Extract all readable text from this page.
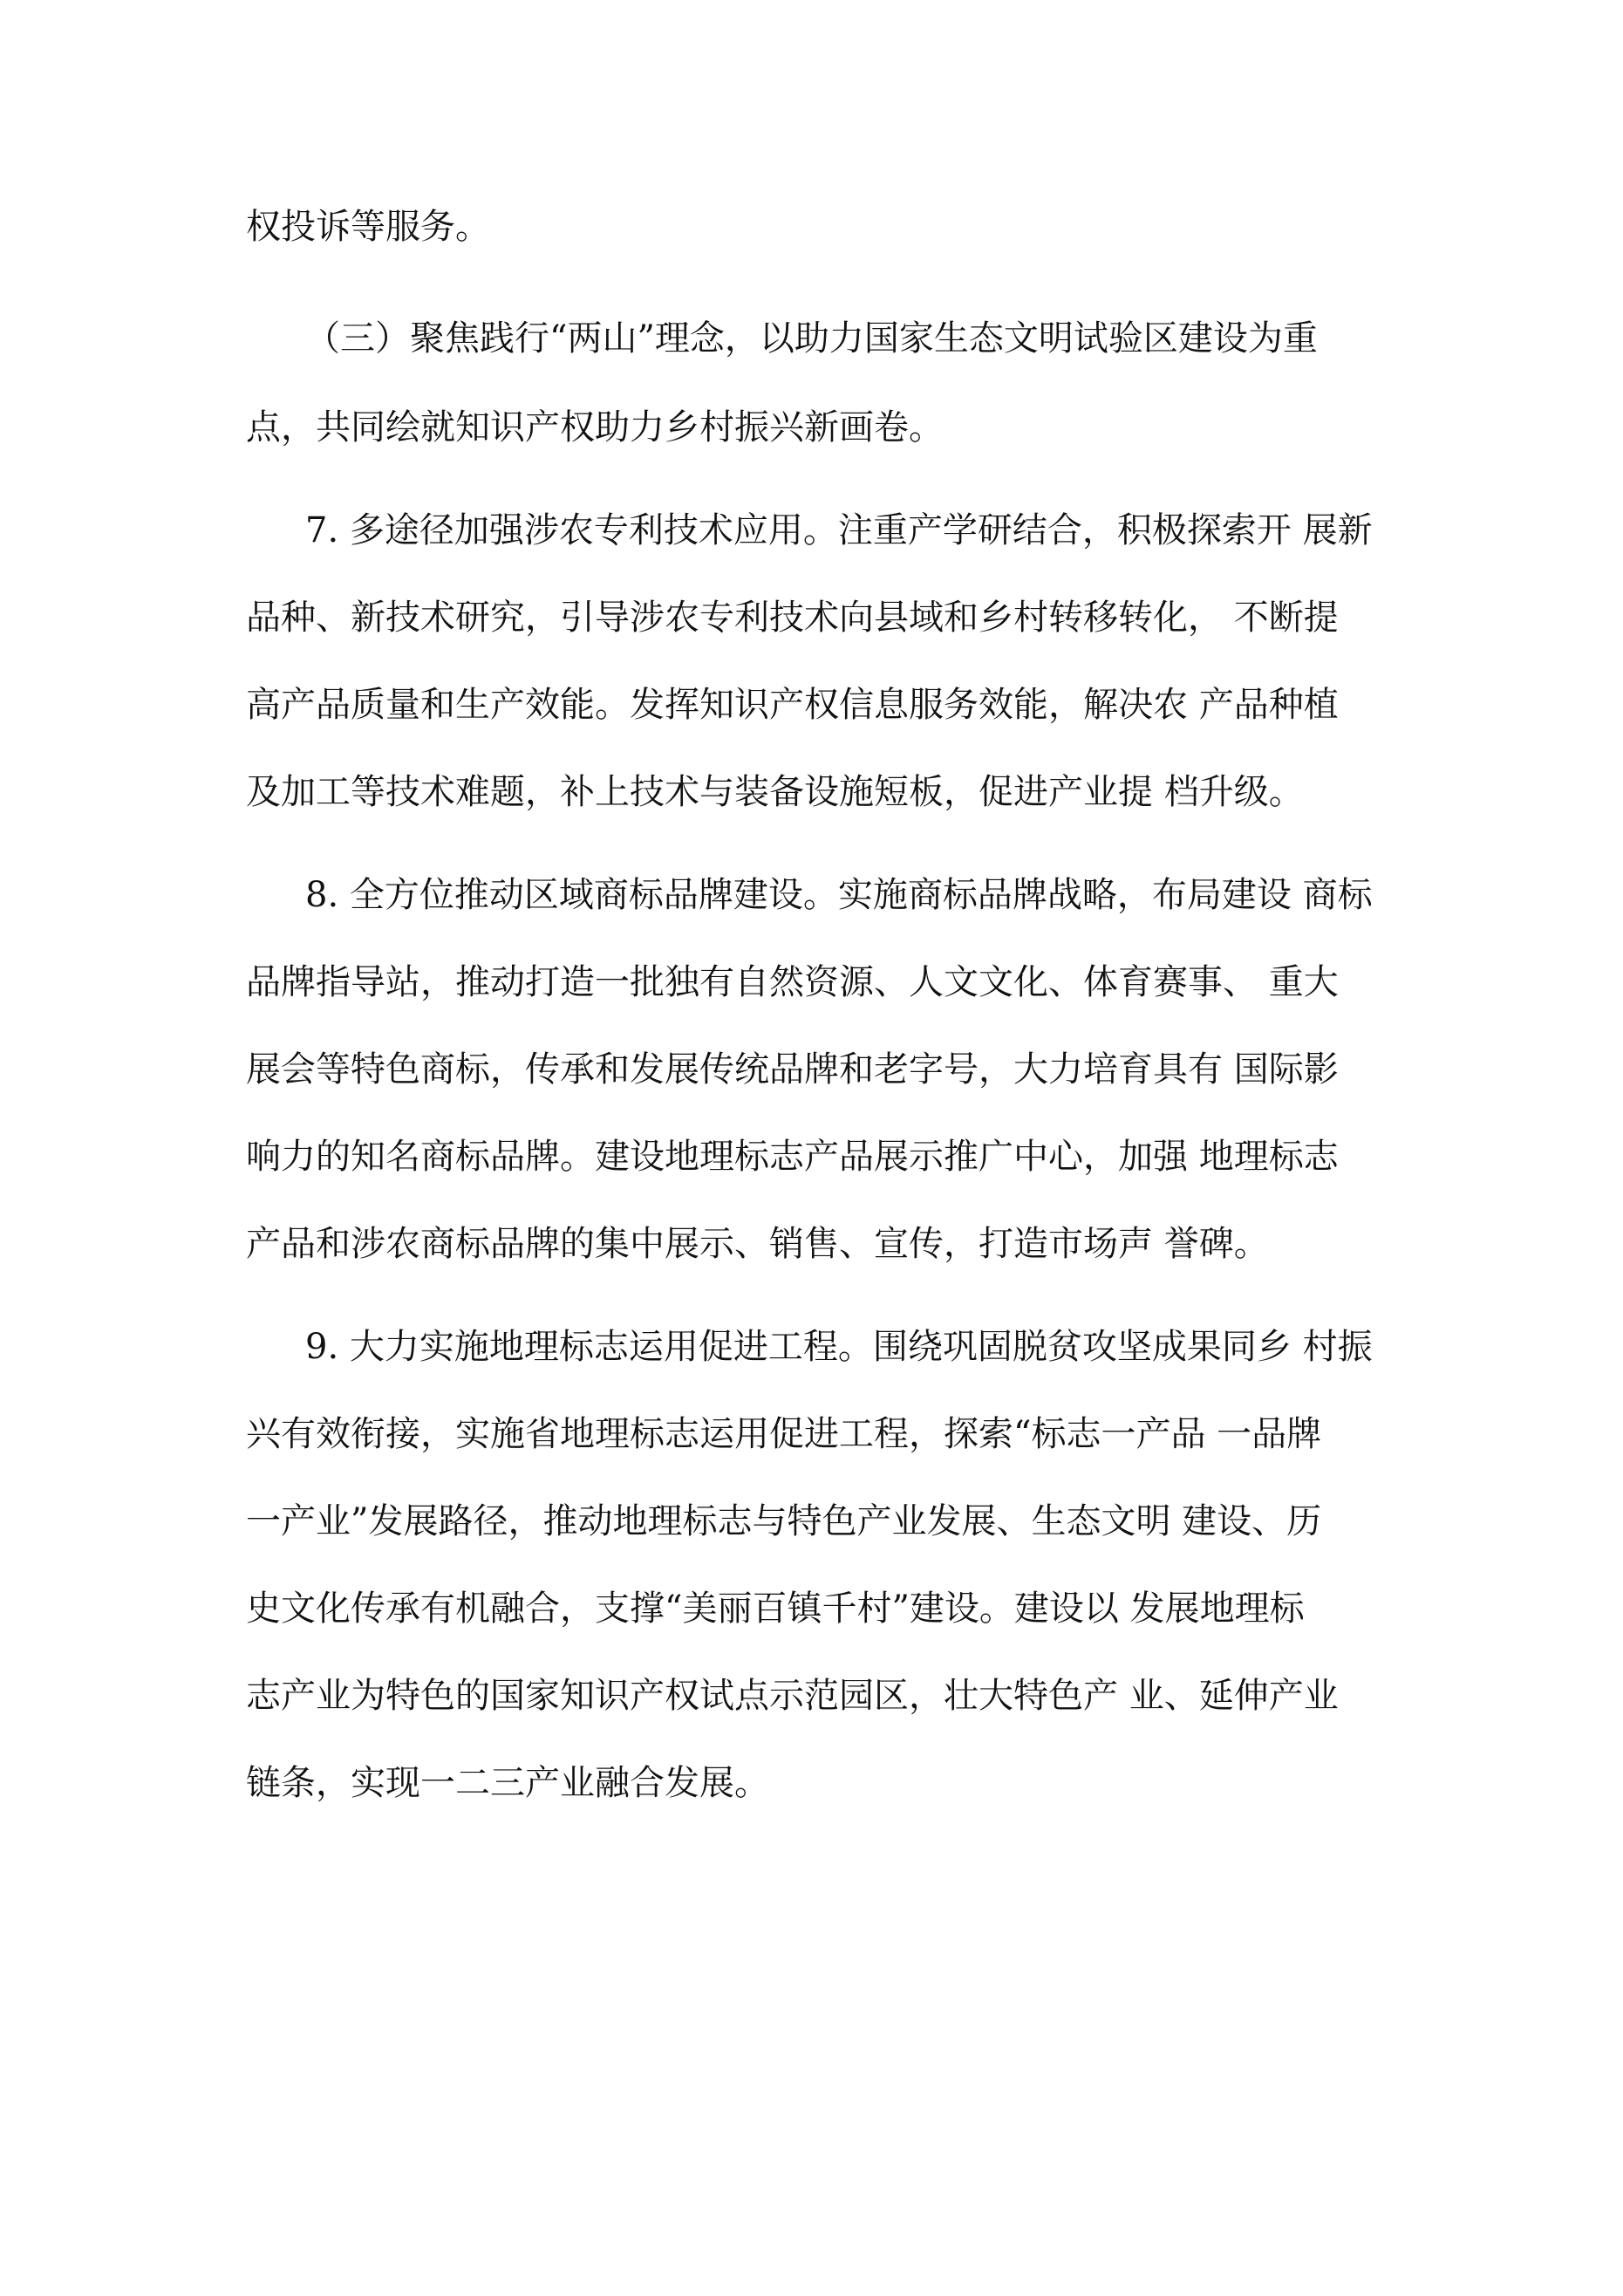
权投诉等服务。
（三）聚焦践行“两山”理念，以助力国家生态文明试验区建设为重
点，共同绘就知识产权助力乡村振兴新画卷。
7. 多途径加强涉农专利技术应用。注重产学研结合，积极探索开 展新
品种、新技术研究，引导涉农专利技术向县域和乡村转移转化， 不断提
高产品质量和生产效能。发挥知识产权信息服务效能，解决农 产品种植
及加工等技术难题，补上技术与装备设施短板，促进产业提 档升级。
8. 全方位推动区域商标品牌建设。实施商标品牌战略，布局建设 商标
品牌指导站，推动打造一批独有自然资源、人文文化、体育赛事、 重大
展会等特色商标，传承和发展传统品牌和老字号，大力培育具有 国际影
响力的知名商标品牌。建设地理标志产品展示推广中心，加强 地理标志
产品和涉农商标品牌的集中展示、销售、宣传，打造市场声 誉碑。
9. 大力实施地理标志运用促进工程。围绕巩固脱贫攻坚成果同乡 村振
兴有效衔接，实施省地理标志运用促进工程，探索“标志一产品 一品牌
一产业”发展路径，推动地理标志与特色产业发展、生态文明 建设、历
史文化传承有机融合，支撑“美丽百镇千村”建设。建设以 发展地理标
志产业为特色的国家知识产权试点示范园区，壮大特色产 业、延伸产业
链条，实现一二三产业融合发展。
